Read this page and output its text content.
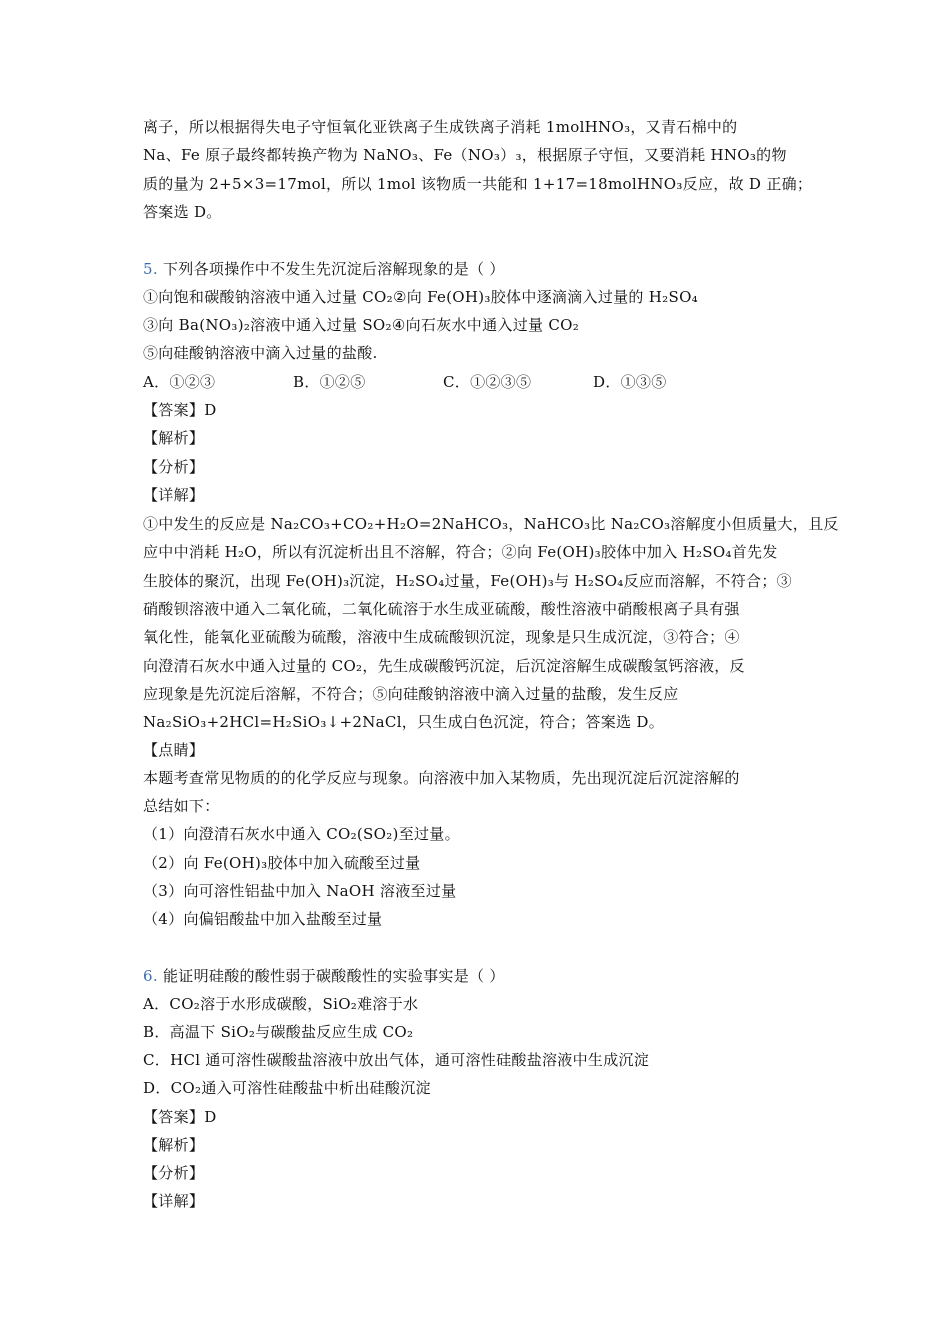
离子，所以根据得失电子守恒氧化亚铁离子生成铁离子消耗 1molHNO₃，又青石棉中的
Na、Fe 原子最终都转换产物为 NaNO₃、Fe（NO₃）₃，根据原子守恒，又要消耗 HNO₃的物
质的量为 2+5×3=17mol，所以 1mol 该物质一共能和 1+17=18molHNO₃反应，故 D 正确；
答案选 D。
5. 下列各项操作中不发生先沉淀后溶解现象的是（ ）
①向饱和碳酸钠溶液中通入过量 CO₂②向 Fe(OH)₃胶体中逐滴滴入过量的 H₂SO₄
③向 Ba(NO₃)₂溶液中通入过量 SO₂④向石灰水中通入过量 CO₂
⑤向硅酸钠溶液中滴入过量的盐酸.
A．①②③	B．①②⑤	C．①②③⑤	D．①③⑤
【答案】D
【解析】
【分析】
【详解】
①中发生的反应是 Na₂CO₃+CO₂+H₂O=2NaHCO₃，NaHCO₃比 Na₂CO₃溶解度小但质量大，且反
应中中消耗 H₂O，所以有沉淀析出且不溶解，符合；②向 Fe(OH)₃胶体中加入 H₂SO₄首先发
生胶体的聚沉，出现 Fe(OH)₃沉淀，H₂SO₄过量，Fe(OH)₃与 H₂SO₄反应而溶解，不符合；③
硝酸钡溶液中通入二氧化硫，二氧化硫溶于水生成亚硫酸，酸性溶液中硝酸根离子具有强
氧化性，能氧化亚硫酸为硫酸，溶液中生成硫酸钡沉淀，现象是只生成沉淀，③符合；④
向澄清石灰水中通入过量的 CO₂，先生成碳酸钙沉淀，后沉淀溶解生成碳酸氢钙溶液，反
应现象是先沉淀后溶解，不符合；⑤向硅酸钠溶液中滴入过量的盐酸，发生反应
Na₂SiO₃+2HCl=H₂SiO₃↓+2NaCl，只生成白色沉淀，符合；答案选 D。
【点睛】
本题考查常见物质的的化学反应与现象。向溶液中加入某物质，先出现沉淀后沉淀溶解的
总结如下：
（1）向澄清石灰水中通入 CO₂(SO₂)至过量。
（2）向 Fe(OH)₃胶体中加入硫酸至过量
（3）向可溶性铝盐中加入 NaOH 溶液至过量
（4）向偏铝酸盐中加入盐酸至过量
6. 能证明硅酸的酸性弱于碳酸酸性的实验事实是（ ）
A．CO₂溶于水形成碳酸，SiO₂难溶于水
B．高温下 SiO₂与碳酸盐反应生成 CO₂
C．HCl 通可溶性碳酸盐溶液中放出气体，通可溶性硅酸盐溶液中生成沉淀
D．CO₂通入可溶性硅酸盐中析出硅酸沉淀
【答案】D
【解析】
【分析】
【详解】
